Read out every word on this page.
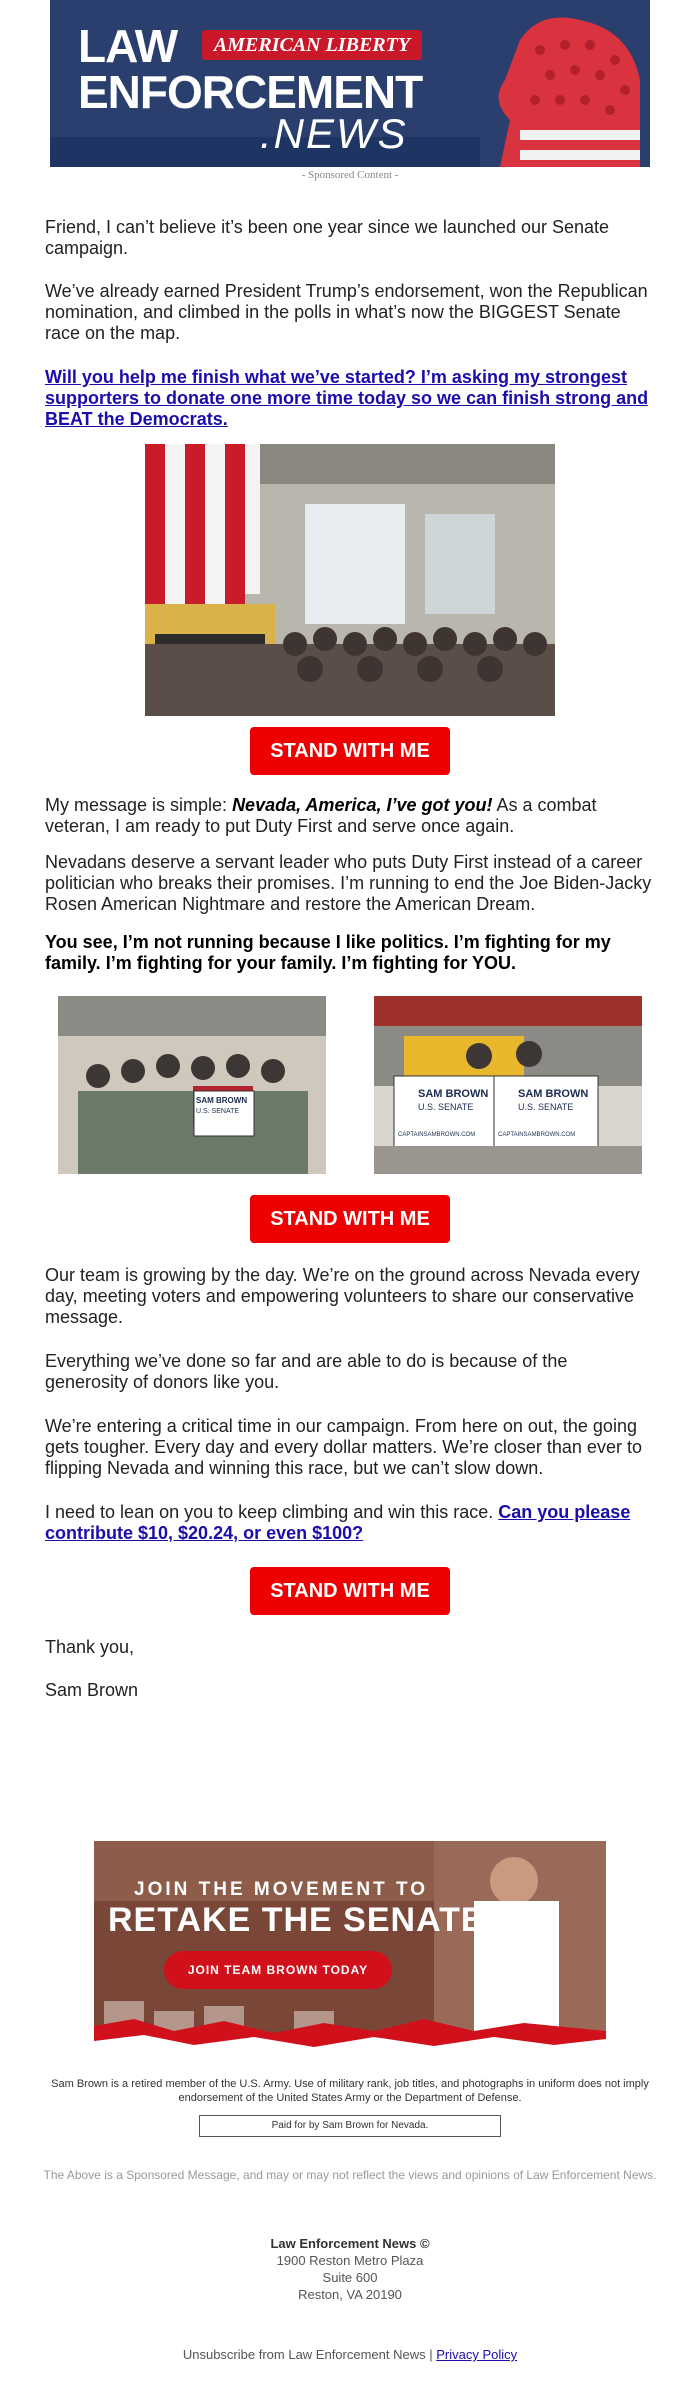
AMERICAN LIBERTY
LAW
ENFORCEMENT
.NEWS
- Sponsored Content -
Friend, I can’t believe it’s been one year since we launched our Senate campaign.
We’ve already earned President Trump’s endorsement, won the Republican nomination, and climbed in the polls in what’s now the BIGGEST Senate race on the map.
Will you help me finish what we’ve started? I’m asking my strongest supporters to donate one more time today so we can finish strong and BEAT the Democrats.
STAND WITH ME
My message is simple: Nevada, America, I’ve got you! As a combat veteran, I am ready to put Duty First and serve once again.
Nevadans deserve a servant leader who puts Duty First instead of a career politician who breaks their promises. I’m running to end the Joe Biden-Jacky Rosen American Nightmare and restore the American Dream.
You see, I’m not running because I like politics. I’m fighting for my family. I’m fighting for your family. I’m fighting for YOU.
SAM BROWN
U.S. SENATE
SAM BROWN
U.S. SENATE
CAPTAINSAMBROWN.COM
SAM BROWN
U.S. SENATE
CAPTAINSAMBROWN.COM
STAND WITH ME
Our team is growing by the day. We’re on the ground across Nevada every day, meeting voters and empowering volunteers to share our conservative message.
Everything we’ve done so far and are able to do is because of the generosity of donors like you.
We’re entering a critical time in our campaign. From here on out, the going gets tougher. Every day and every dollar matters. We’re closer than ever to flipping Nevada and winning this race, but we can’t slow down.
I need to lean on you to keep climbing and win this race. Can you please contribute $10, $20.24, or even $100?
STAND WITH ME
Thank you,
Sam Brown
JOIN THE MOVEMENT TO
RETAKE THE SENATE
JOIN TEAM BROWN TODAY
Sam Brown is a retired member of the U.S. Army. Use of military rank, job titles, and photographs in uniform does not imply endorsement of the United States Army or the Department of Defense.
Paid for by Sam Brown for Nevada.
The Above is a Sponsored Message, and may or may not reflect the views and opinions of Law Enforcement News.
Law Enforcement News ©
1900 Reston Metro Plaza
Suite 600
Reston, VA 20190
Unsubscribe from Law Enforcement News | Privacy Policy
